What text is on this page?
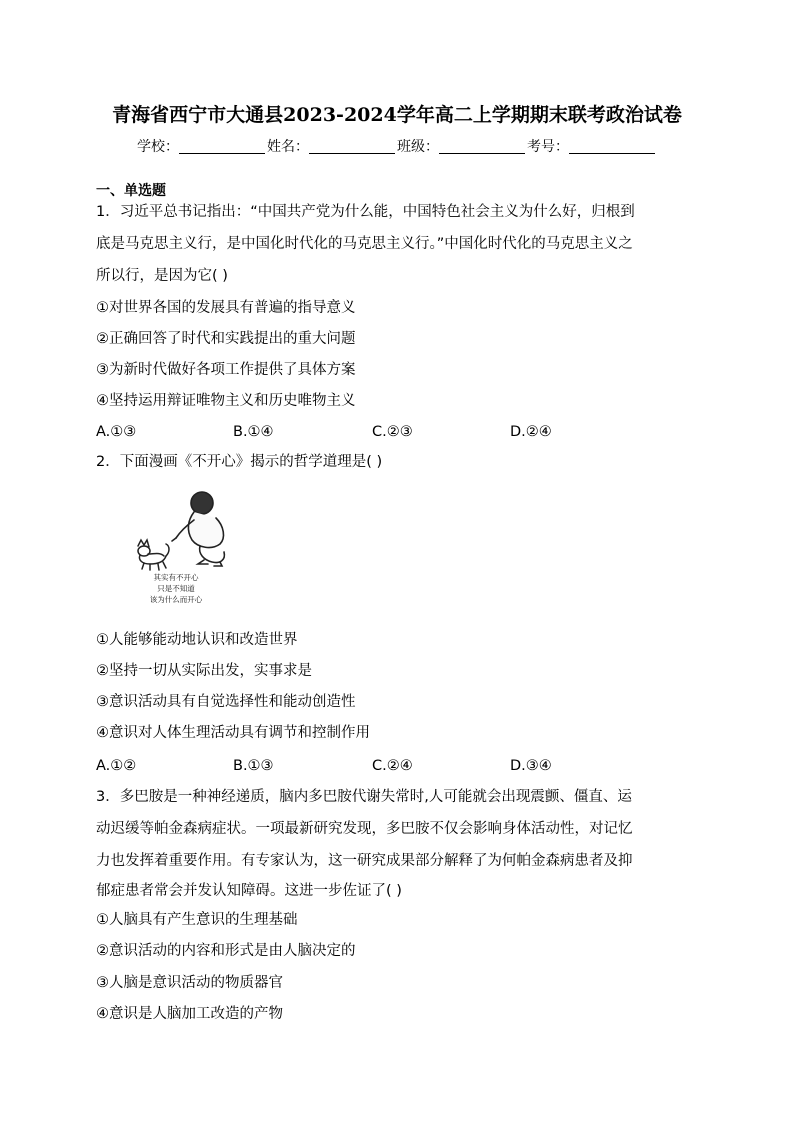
青海省西宁市大通县2023-2024学年高二上学期期末联考政治试卷
学校：	姓名：	班级：	考号：
一、单选题
1．习近平总书记指出：“中国共产党为什么能，中国特色社会主义为什么好，归根到
底是马克思主义行，是中国化时代化的马克思主义行。”中国化时代化的马克思主义之
所以行，是因为它( )
①对世界各国的发展具有普遍的指导意义
②正确回答了时代和实践提出的重大问题
③为新时代做好各项工作提供了具体方案
④坚持运用辩证唯物主义和历史唯物主义
A.①③	B.①④	C.②③	D.②④
2．下面漫画《不开心》揭示的哲学道理是( )
其实有不开心
只是不知道
该为什么而开心
①人能够能动地认识和改造世界
②坚持一切从实际出发，实事求是
③意识活动具有自觉选择性和能动创造性
④意识对人体生理活动具有调节和控制作用
A.①②	B.①③	C.②④	D.③④
3．多巴胺是一种神经递质，脑内多巴胺代谢失常时,人可能就会出现震颤、僵直、运
动迟缓等帕金森病症状。一项最新研究发现，多巴胺不仅会影响身体活动性，对记忆
力也发挥着重要作用。有专家认为，这一研究成果部分解释了为何帕金森病患者及抑
郁症患者常会并发认知障碍。这进一步佐证了( )
①人脑具有产生意识的生理基础
②意识活动的内容和形式是由人脑决定的
③人脑是意识活动的物质器官
④意识是人脑加工改造的产物
